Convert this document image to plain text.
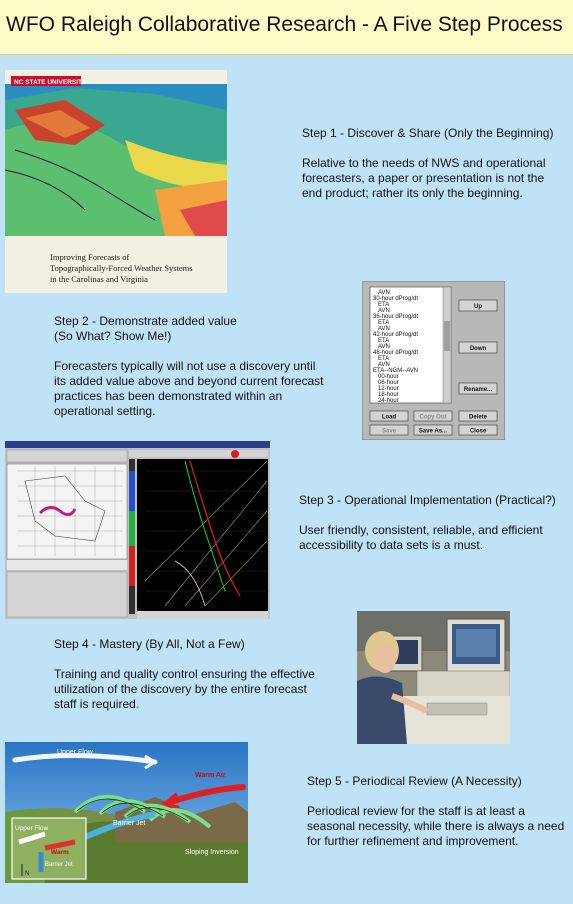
WFO Raleigh Collaborative Research - A Five Step Process
NC STATE UNIVERSITY
Improving Forecasts of
Topographically-Forced Weather Systems
in the Carolinas and Virginia

Step 1 - Discover & Share (Only the Beginning)

Relative to the needs of NWS and operational forecasters, a paper or presentation is not the end product; rather its only the beginning.

Step 2 - Demonstrate added value

(So What? Show Me!)

Forecasters typically will not use a discovery until its added value above and beyond current forecast practices has been demonstrated within an operational setting.

AVN
30-hour dProg/dt
ETA
AVN
36-hour dProg/dt
ETA
AVN
42-hour dProg/dt
ETA
AVN
48-hour dProg/dt
ETA
AVN
ETA--NGM--AVN
00-hour
06-hour
12-hour
18-hour
24-hour
Up
Down
Rename...
Load	Copy Out	Delete
Save	Save As...	Close

Step 3 - Operational Implementation (Practical?)

User friendly, consistent, reliable, and efficient accessibility to data sets is a must.

Step 4 - Mastery (By All, Not a Few)

Training and quality control ensuring the effective utilization of the discovery by the entire forecast staff is required.

Upper Flow
Warm Air
Barrier Jet
Sloping Inversion
Upper Flow
Warm
Barrier Jet
N

Step 5 - Periodical Review (A Necessity)

Periodical review for the staff is at least a seasonal necessity, while there is always a need for further refinement and improvement.
